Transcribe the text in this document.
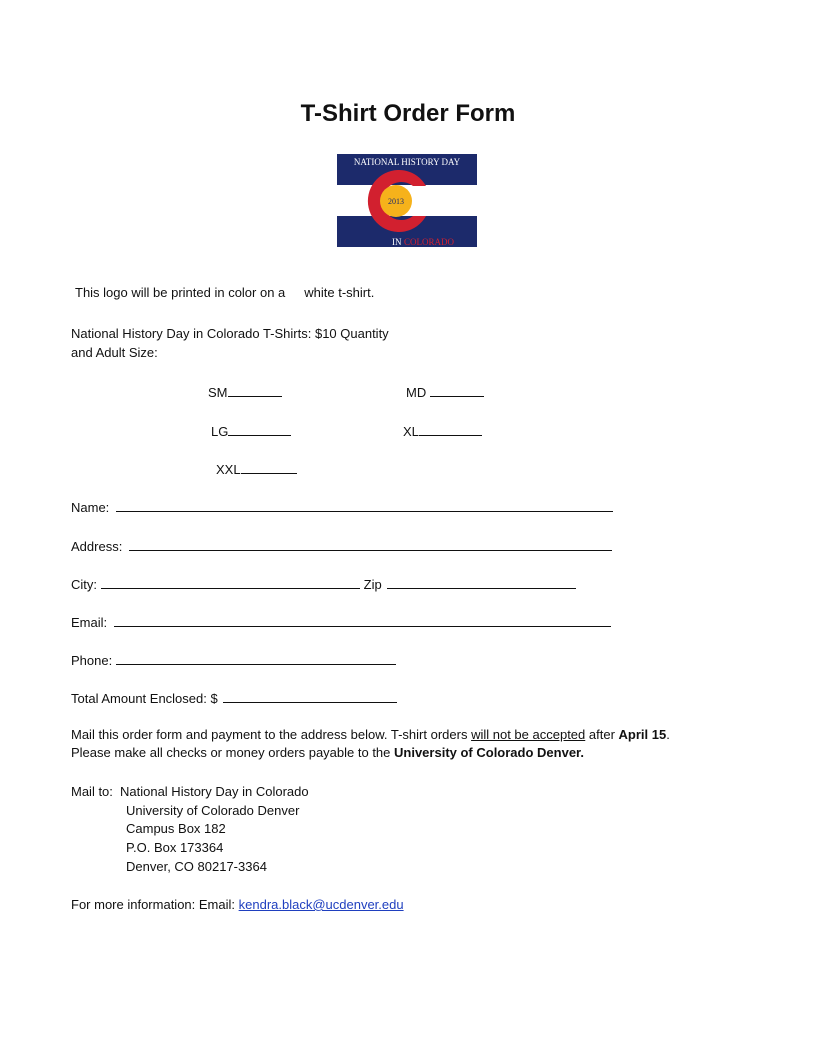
T-Shirt Order Form
NATIONAL HISTORY DAY
2013
IN COLORADO
This logo will be printed in color on a white t-shirt.
National History Day in Colorado T-Shirts: $10 Quantity
and Adult Size:
SM	MD
LG	XL
XXL
Name:
Address:
City:	Zip
Email:
Phone:
Total Amount Enclosed: $
Mail this order form and payment to the address below. T-shirt orders will not be accepted after April 15.
Please make all checks or money orders payable to the University of Colorado Denver.
Mail to: National History Day in Colorado
University of Colorado Denver
Campus Box 182
P.O. Box 173364
Denver, CO 80217-3364
For more information: Email: kendra.black@ucdenver.edu
